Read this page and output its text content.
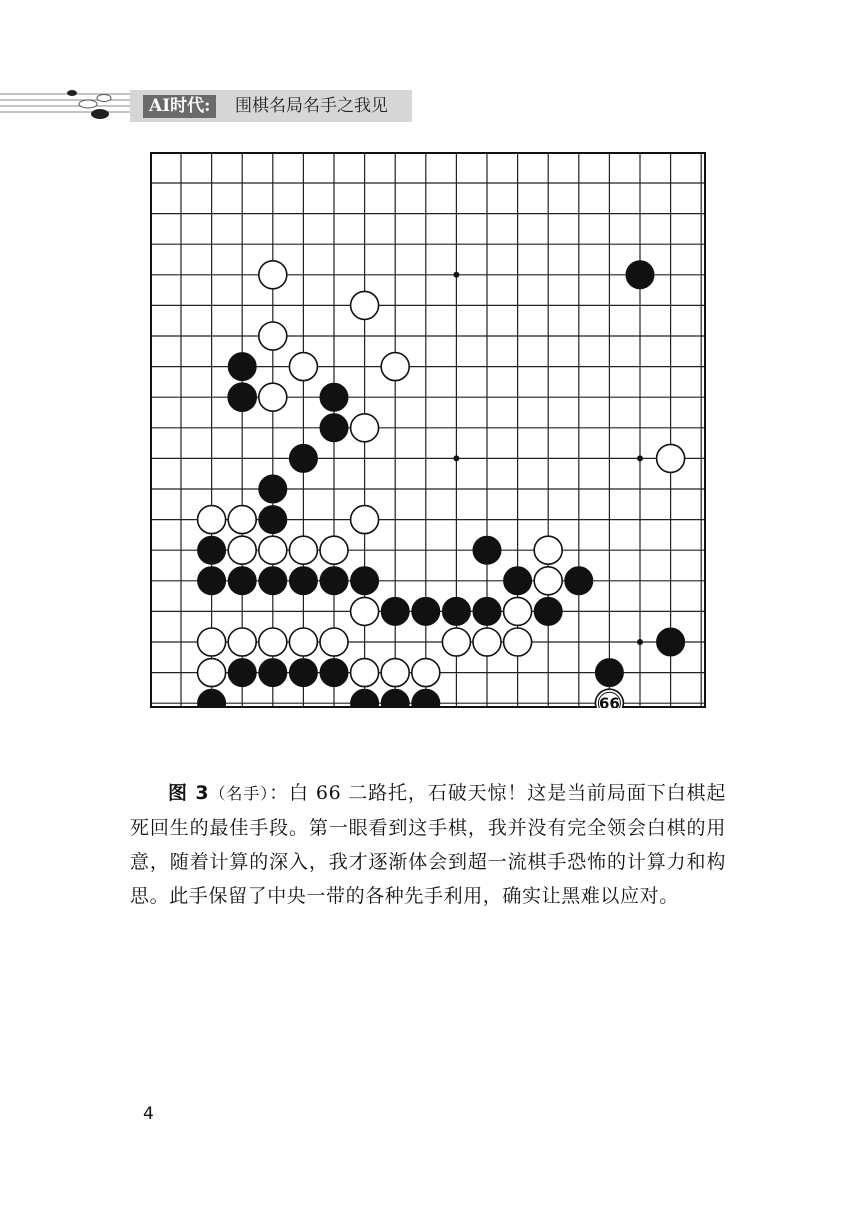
AI时代:	围棋名局名手之我见
66
图 3（名手）：白 66 二路托，石破天惊！这是当前局面下白棋起死回生的最佳手段。第一眼看到这手棋，我并没有完全领会白棋的用意，随着计算的深入，我才逐渐体会到超一流棋手恐怖的计算力和构思。此手保留了中央一带的各种先手利用，确实让黑难以应对。
4
